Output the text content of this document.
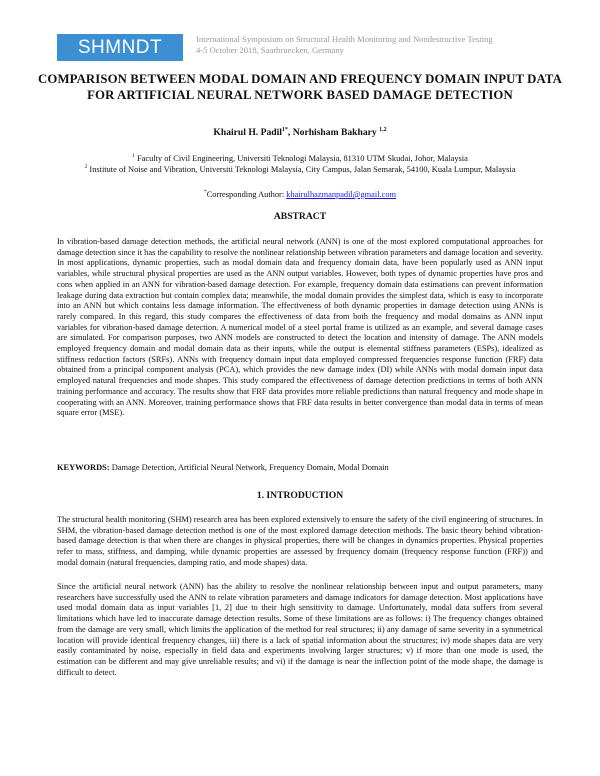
SHMNDT	International Symposium on Structural Health Monitoring and Nondestructive Testing
4-5 October 2018, Saarbruecken, Germany
COMPARISON BETWEEN MODAL DOMAIN AND FREQUENCY DOMAIN INPUT DATA FOR ARTIFICIAL NEURAL NETWORK BASED DAMAGE DETECTION
Khairul H. Padil$^{1*}$, Norhisham Bakhary $^{1,2}$
$^1$ Faculty of Civil Engineering, Universiti Teknologi Malaysia, 81310 UTM Skudai, Johor, Malaysia
$^2$ Institute of Noise and Vibration, Universiti Teknologi Malaysia, City Campus, Jalan Semarak, 54100, Kuala Lumpur, Malaysia
*Corresponding Author: khairulhazmanpadil@gmail.com
ABSTRACT

In vibration-based damage detection methods, the artificial neural network (ANN) is one of the most explored computational approaches for damage detection since it has the capability to resolve the nonlinear relationship between vibration parameters and damage location and severity. In most applications, dynamic properties, such as modal domain data and frequency domain data, have been popularly used as ANN input variables, while structural physical properties are used as the ANN output variables. However, both types of dynamic properties have pros and cons when applied in an ANN for vibration-based damage detection. For example, frequency domain data estimations can prevent information leakage during data extraction but contain complex data; meanwhile, the modal domain provides the simplest data, which is easy to incorporate into an ANN but which contains less damage information. The effectiveness of both dynamic properties in damage detection using ANNs is rarely compared. In this regard, this study compares the effectiveness of data from both the frequency and modal domains as ANN input variables for vibration-based damage detection. A numerical model of a steel portal frame is utilized as an example, and several damage cases are simulated. For comparison purposes, two ANN models are constructed to detect the location and intensity of damage. The ANN models employed frequency domain and modal domain data as their inputs, while the output is elemental stiffness parameters (ESPs), idealized as stiffness reduction factors (SRFs). ANNs with frequency domain input data employed compressed frequencies response function (FRF) data obtained from a principal component analysis (PCA), which provides the new damage index (DI) while ANNs with modal domain input data employed natural frequencies and mode shapes. This study compared the effectiveness of damage detection predictions in terms of both ANN training performance and accuracy. The results show that FRF data provides more reliable predictions than natural frequency and mode shape in cooperating with an ANN. Moreover, training performance shows that FRF data results in better convergence than modal data in terms of mean square error (MSE).

KEYWORDS: Damage Detection, Artificial Neural Network, Frequency Domain, Modal Domain
1. INTRODUCTION

The structural health monitoring (SHM) research area has been explored extensively to ensure the safety of the civil engineering of structures. In SHM, the vibration-based damage detection method is one of the most explored damage detection methods. The basic theory behind vibration-based damage detection is that when there are changes in physical properties, there will be changes in dynamics properties. Physical properties refer to mass, stiffness, and damping, while dynamic properties are assessed by frequency domain (frequency response function (FRF)) and modal domain (natural frequencies, damping ratio, and mode shapes) data.

Since the artificial neural network (ANN) has the ability to resolve the nonlinear relationship between input and output parameters, many researchers have successfully used the ANN to relate vibration parameters and damage indicators for damage detection. Most applications have used modal domain data as input variables [1, 2] due to their high sensitivity to damage. Unfortunately, modal data suffers from several limitations which have led to inaccurate damage detection results. Some of these limitations are as follows: i) The frequency changes obtained from the damage are very small, which limits the application of the method for real structures; ii) any damage of same severity in a symmetrical location will provide identical frequency changes, iii) there is a lack of spatial information about the structures; iv) mode shapes data are very easily contaminated by noise, especially in field data and experiments involving larger structures; v) if more than one mode is used, the estimation can be different and may give unreliable results; and vi) if the damage is near the inflection point of the mode shape, the damage is difficult to detect.
